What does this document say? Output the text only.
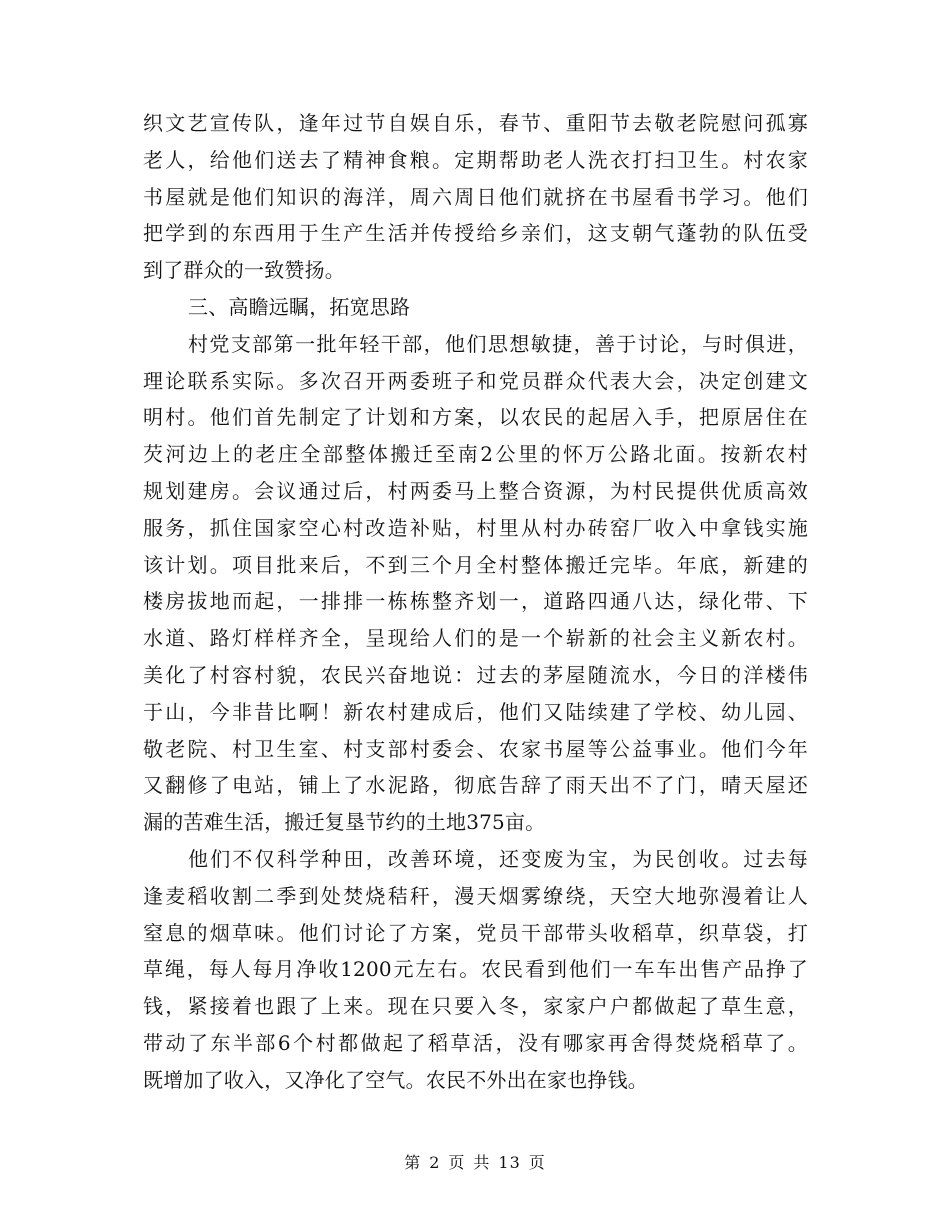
织文艺宣传队，逢年过节自娱自乐，春节、重阳节去敬老院慰问孤寡
老人，给他们送去了精神食粮。定期帮助老人洗衣打扫卫生。村农家
书屋就是他们知识的海洋，周六周日他们就挤在书屋看书学习。他们
把学到的东西用于生产生活并传授给乡亲们，这支朝气蓬勃的队伍受
到了群众的一致赞扬。
三、高瞻远瞩，拓宽思路
村党支部第一批年轻干部，他们思想敏捷，善于讨论，与时俱进，
理论联系实际。多次召开两委班子和党员群众代表大会，决定创建文
明村。他们首先制定了计划和方案，以农民的起居入手，把原居住在
芡河边上的老庄全部整体搬迁至南2公里的怀万公路北面。按新农村
规划建房。会议通过后，村两委马上整合资源，为村民提供优质高效
服务，抓住国家空心村改造补贴，村里从村办砖窑厂收入中拿钱实施
该计划。项目批来后，不到三个月全村整体搬迁完毕。年底，新建的
楼房拔地而起，一排排一栋栋整齐划一，道路四通八达，绿化带、下
水道、路灯样样齐全，呈现给人们的是一个崭新的社会主义新农村。
美化了村容村貌，农民兴奋地说：过去的茅屋随流水，今日的洋楼伟
于山，今非昔比啊！新农村建成后，他们又陆续建了学校、幼儿园、
敬老院、村卫生室、村支部村委会、农家书屋等公益事业。他们今年
又翻修了电站，铺上了水泥路，彻底告辞了雨天出不了门，晴天屋还
漏的苦难生活，搬迁复垦节约的土地375亩。
他们不仅科学种田，改善环境，还变废为宝，为民创收。过去每
逢麦稻收割二季到处焚烧秸秆，漫天烟雾缭绕，天空大地弥漫着让人
窒息的烟草味。他们讨论了方案，党员干部带头收稻草，织草袋，打
草绳，每人每月净收1200元左右。农民看到他们一车车出售产品挣了
钱，紧接着也跟了上来。现在只要入冬，家家户户都做起了草生意，
带动了东半部6个村都做起了稻草活，没有哪家再舍得焚烧稻草了。
既增加了收入，又净化了空气。农民不外出在家也挣钱。
第 2 页 共 13 页
